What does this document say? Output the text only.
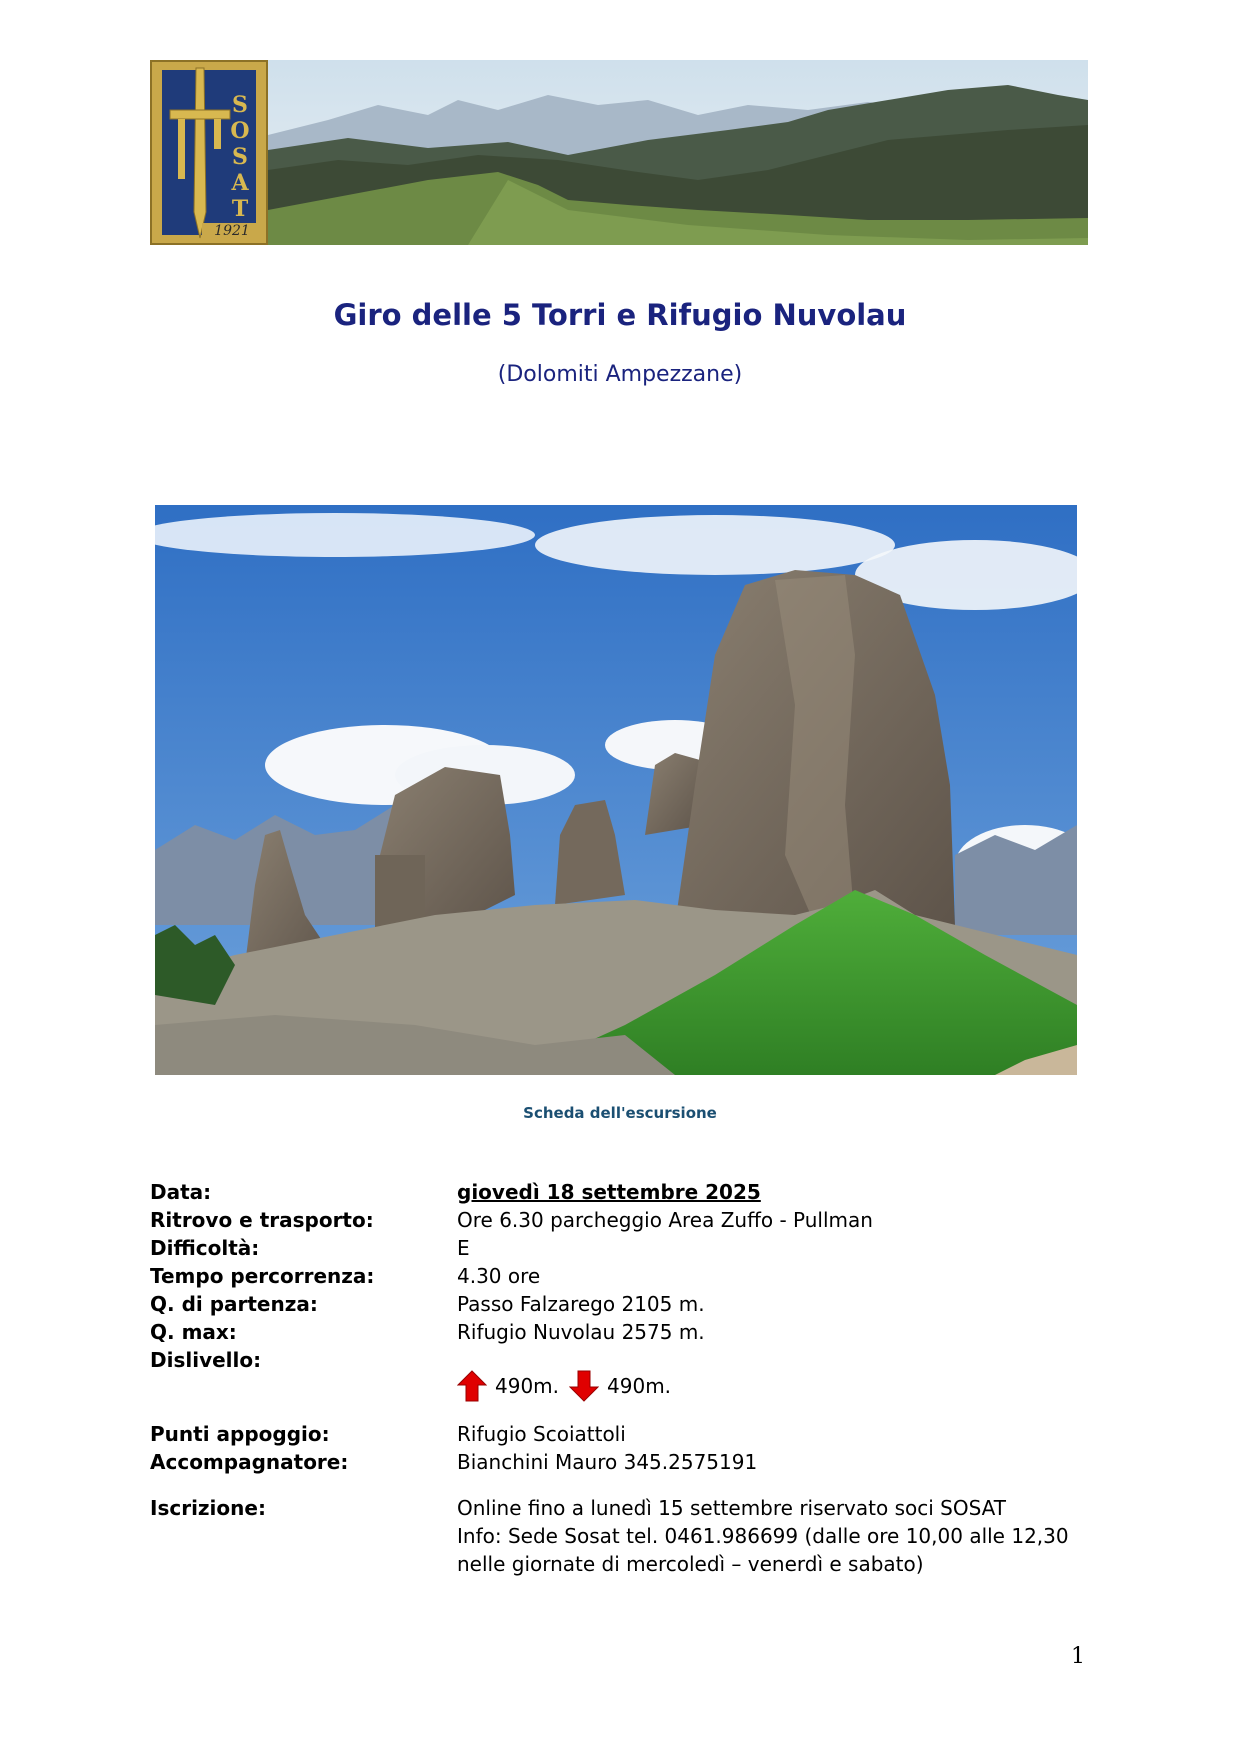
S
O
S
A
T
1921
Giro delle 5 Torri e Rifugio Nuvolau
(Dolomiti Ampezzane)
Scheda dell'escursione
Data:	giovedì 18 settembre 2025
Ritrovo e trasporto:	Ore 6.30 parcheggio Area Zuffo - Pullman
Difficoltà:	E
Tempo percorrenza:	4.30 ore
Q. di partenza:	Passo Falzarego 2105 m.
Q. max:	Rifugio Nuvolau 2575 m.
Dislivello:
490m. 490m.
Punti appoggio:	Rifugio Scoiattoli
Accompagnatore:	Bianchini Mauro 345.2575191
Iscrizione:	Online fino a lunedì 15 settembre riservato soci SOSAT
Info: Sede Sosat tel. 0461.986699 (dalle ore 10,00 alle 12,30
nelle giornate di mercoledì – venerdì e sabato)
1
